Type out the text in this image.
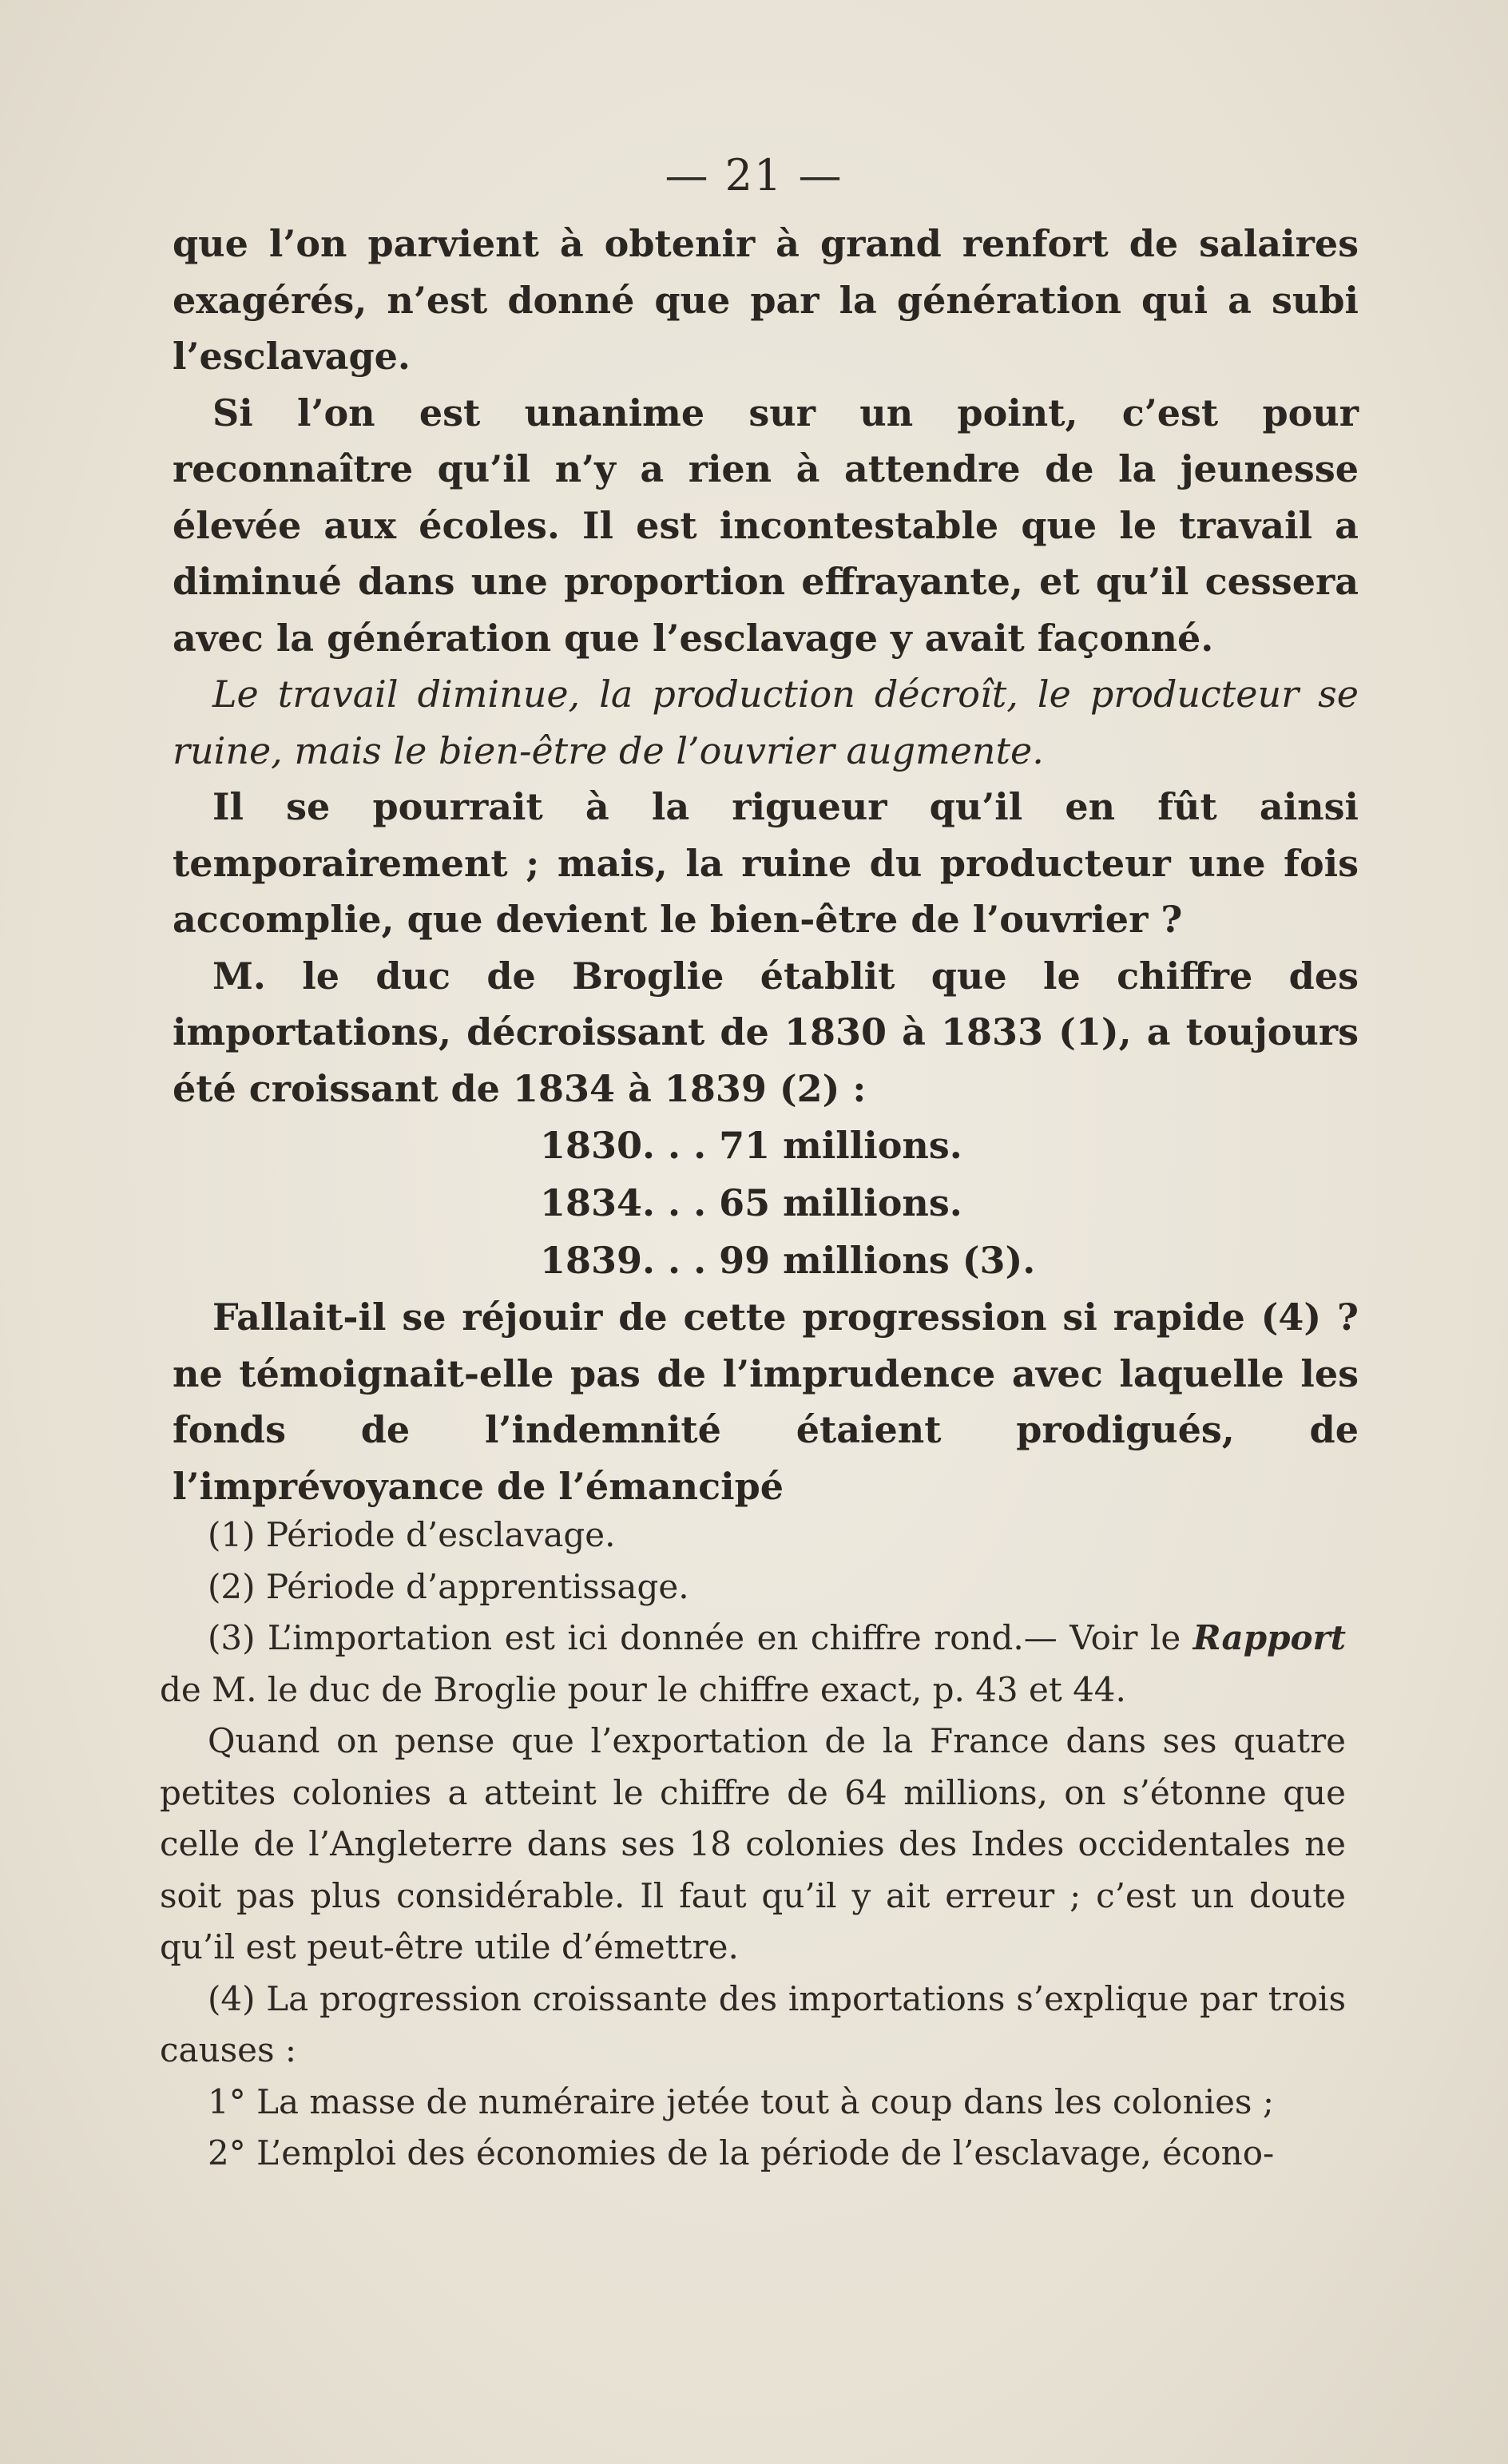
— 21 —

que l’on parvient à obtenir à grand renfort de salaires exagérés, n’est donné que par la génération qui a subi l’esclavage.

Si l’on est unanime sur un point, c’est pour reconnaître qu’il n’y a rien à attendre de la jeunesse élevée aux écoles. Il est incontestable que le travail a diminué dans une proportion effrayante, et qu’il cessera avec la génération que l’esclavage y avait façonné.

Le travail diminue, la production décroît, le producteur se ruine, mais le bien-être de l’ouvrier augmente.

Il se pourrait à la rigueur qu’il en fût ainsi temporairement ; mais, la ruine du producteur une fois accomplie, que devient le bien-être de l’ouvrier ?

M. le duc de Broglie établit que le chiffre des importations, décroissant de 1830 à 1833 (1), a toujours été croissant de 1834 à 1839 (2) :

1830. . . 71 millions.
1834. . . 65 millions.
1839. . . 99 millions (3).

Fallait-il se réjouir de cette progression si rapide (4) ? ne témoignait-elle pas de l’imprudence avec laquelle les fonds de l’indemnité étaient prodigués, de l’imprévoyance de l’émancipé

(1) Période d’esclavage.

(2) Période d’apprentissage.

(3) L’importation est ici donnée en chiffre rond.— Voir le Rapport de M. le duc de Broglie pour le chiffre exact, p. 43 et 44.

Quand on pense que l’exportation de la France dans ses quatre petites colonies a atteint le chiffre de 64 millions, on s’étonne que celle de l’Angleterre dans ses 18 colonies des Indes occidentales ne soit pas plus considérable. Il faut qu’il y ait erreur ; c’est un doute qu’il est peut-être utile d’émettre.

(4) La progression croissante des importations s’explique par trois causes :

1° La masse de numéraire jetée tout à coup dans les colonies ;

2° L’emploi des économies de la période de l’esclavage, écono-
